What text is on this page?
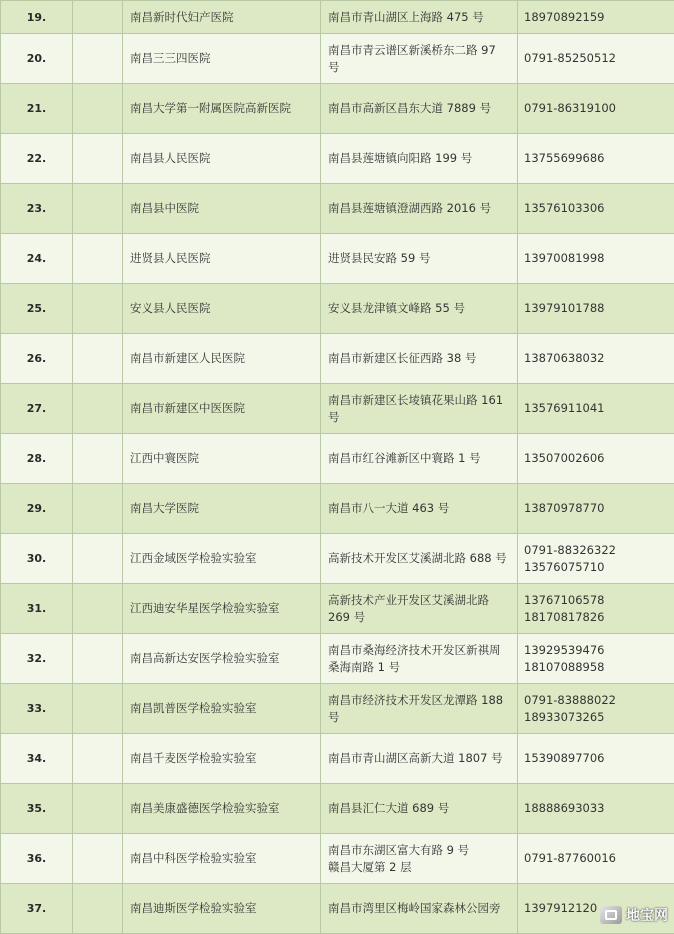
19.		南昌新时代妇产医院	南昌市青山湖区上海路 475 号	18970892159

20.		南昌三三四医院	南昌市青云谱区新溪桥东二路 97
号	0791-85250512

21.		南昌大学第一附属医院高新医院	南昌市高新区昌东大道 7889 号	0791-86319100

22.		南昌县人民医院	南昌县莲塘镇向阳路 199 号	13755699686

23.		南昌县中医院	南昌县莲塘镇澄湖西路 2016 号	13576103306

24.		进贤县人民医院	进贤县民安路 59 号	13970081998

25.		安义县人民医院	安义县龙津镇文峰路 55 号	13979101788

26.		南昌市新建区人民医院	南昌市新建区长征西路 38 号	13870638032

27.		南昌市新建区中医医院	南昌市新建区长堎镇花果山路 161
号	13576911041

28.		江西中寰医院	南昌市红谷滩新区中寰路 1 号	13507002606

29.		南昌大学医院	南昌市八一大道 463 号	13870978770

30.		江西金域医学检验实验室	高新技术开发区艾溪湖北路 688 号	0791-88326322
13576075710

31.		江西迪安华星医学检验实验室	高新技术产业开发区艾溪湖北路
269 号	13767106578
18170817826

32.		南昌高新达安医学检验实验室	南昌市桑海经济技术开发区新祺周
桑海南路 1 号	13929539476
18107088958

33.		南昌凯普医学检验实验室	南昌市经济技术开发区龙潭路 188
号	0791-83888022
18933073265

34.		南昌千麦医学检验实验室	南昌市青山湖区高新大道 1807 号	15390897706

35.		南昌美康盛德医学检验实验室	南昌县汇仁大道 689 号	18888693033

36.		南昌中科医学检验实验室	南昌市东湖区富大有路 9 号
赣昌大厦第 2 层	0791-87760016

37.		南昌迪斯医学检验实验室	南昌市湾里区梅岭国家森林公园旁	1397912120	地宝网
